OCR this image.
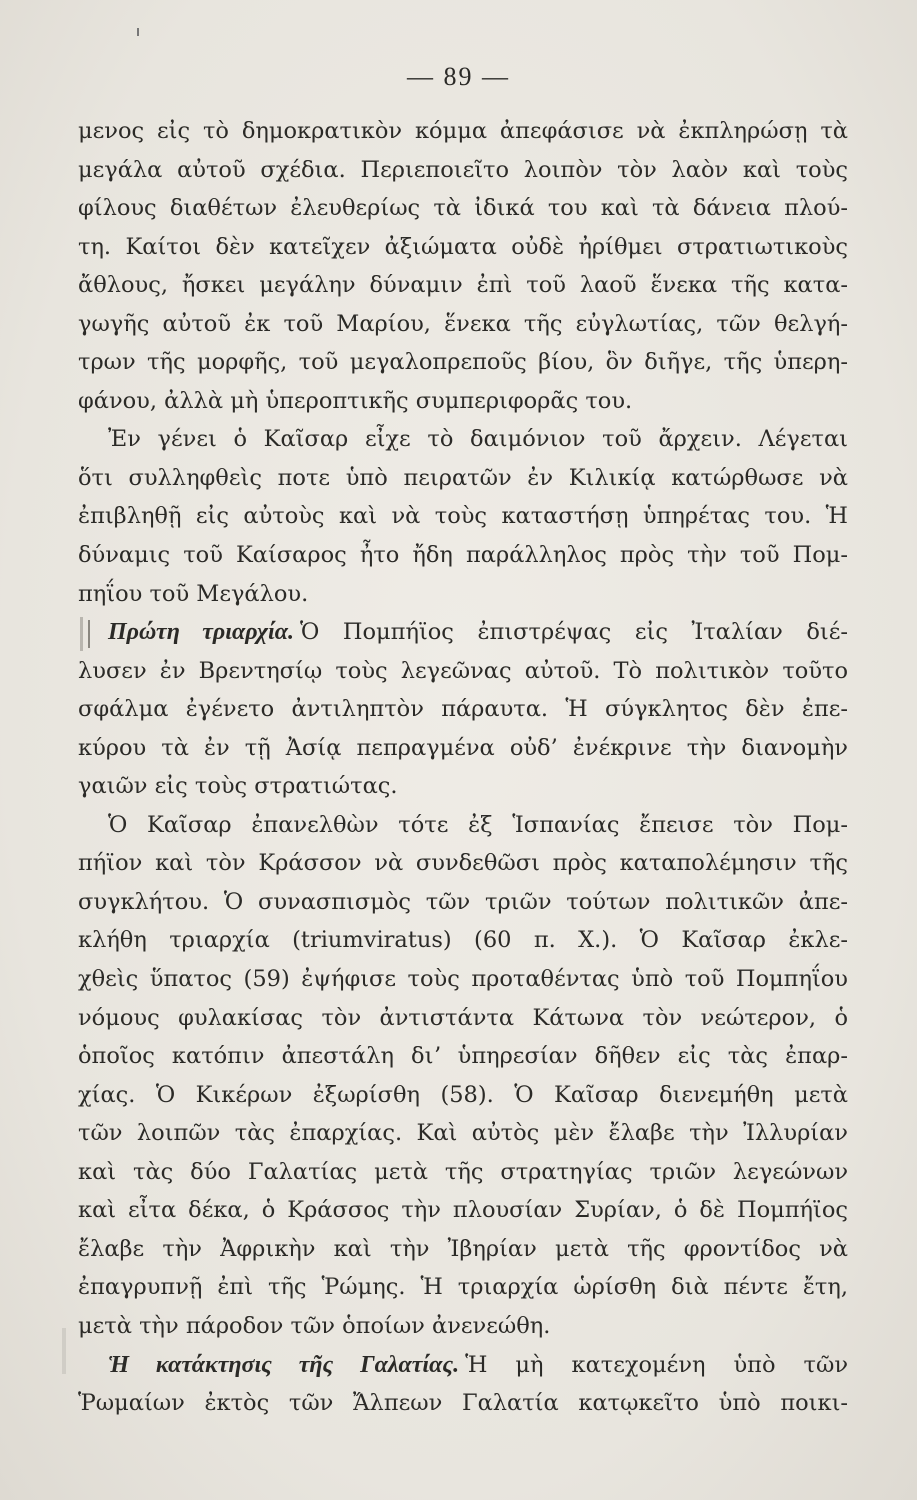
— 89 —
μενος εἰς τὸ δημοκρατικὸν κόμμα ἀπεφάσισε νὰ ἐκπληρώσῃ τὰ
μεγάλα αὐτοῦ σχέδια. Περιεποιεῖτο λοιπὸν τὸν λαὸν καὶ τοὺς
φίλους διαθέτων ἐλευθερίως τὰ ἰδικά του καὶ τὰ δάνεια πλού-
τη. Καίτοι δὲν κατεῖχεν ἀξιώματα οὐδὲ ἠρίθμει στρατιωτικοὺς
ἄθλους, ἤσκει μεγάλην δύναμιν ἐπὶ τοῦ λαοῦ ἕνεκα τῆς κατα-
γωγῆς αὐτοῦ ἐκ τοῦ Μαρίου, ἕνεκα τῆς εὐγλωτίας, τῶν θελγή-
τρων τῆς μορφῆς, τοῦ μεγαλοπρεποῦς βίου, ὃν διῆγε, τῆς ὑπερη-
φάνου, ἀλλὰ μὴ ὑπεροπτικῆς συμπεριφορᾶς του.
Ἐν γένει ὁ Καῖσαρ εἶχε τὸ δαιμόνιον τοῦ ἄρχειν. Λέγεται
ὅτι συλληφθεὶς ποτε ὑπὸ πειρατῶν ἐν Κιλικίᾳ κατώρθωσε νὰ
ἐπιβληθῇ εἰς αὐτοὺς καὶ νὰ τοὺς καταστήσῃ ὑπηρέτας του. Ἡ
δύναμις τοῦ Καίσαρος ἦτο ἤδη παράλληλος πρὸς τὴν τοῦ Πομ-
πηΐου τοῦ Μεγάλου.
Πρώτη τριαρχία. Ὁ Πομπήϊος ἐπιστρέψας εἰς Ἰταλίαν διέ-
λυσεν ἐν Βρεντησίῳ τοὺς λεγεῶνας αὐτοῦ. Τὸ πολιτικὸν τοῦτο
σφάλμα ἐγένετο ἀντιληπτὸν πάραυτα. Ἡ σύγκλητος δὲν ἐπε-
κύρου τὰ ἐν τῇ Ἀσίᾳ πεπραγμένα οὐδ’ ἐνέκρινε τὴν διανομὴν
γαιῶν εἰς τοὺς στρατιώτας.
Ὁ Καῖσαρ ἐπανελθὼν τότε ἐξ Ἱσπανίας ἔπεισε τὸν Πομ-
πήϊον καὶ τὸν Κράσσον νὰ συνδεθῶσι πρὸς καταπολέμησιν τῆς
συγκλήτου. Ὁ συνασπισμὸς τῶν τριῶν τούτων πολιτικῶν ἀπε-
κλήθη τριαρχία (triumviratus) (60 π. Χ.). Ὁ Καῖσαρ ἐκλε-
χθεὶς ὕπατος (59) ἐψήφισε τοὺς προταθέντας ὑπὸ τοῦ Πομπηΐου
νόμους φυλακίσας τὸν ἀντιστάντα Κάτωνα τὸν νεώτερον, ὁ
ὁποῖος κατόπιν ἀπεστάλη διʼ ὑπηρεσίαν δῆθεν εἰς τὰς ἐπαρ-
χίας. Ὁ Κικέρων ἐξωρίσθη (58). Ὁ Καῖσαρ διενεμήθη μετὰ
τῶν λοιπῶν τὰς ἐπαρχίας. Καὶ αὐτὸς μὲν ἔλαβε τὴν Ἰλλυρίαν
καὶ τὰς δύο Γαλατίας μετὰ τῆς στρατηγίας τριῶν λεγεώνων
καὶ εἶτα δέκα, ὁ Κράσσος τὴν πλουσίαν Συρίαν, ὁ δὲ Πομπήϊος
ἔλαβε τὴν Ἀφρικὴν καὶ τὴν Ἰβηρίαν μετὰ τῆς φροντίδος νὰ
ἐπαγρυπνῇ ἐπὶ τῆς Ῥώμης. Ἡ τριαρχία ὡρίσθη διὰ πέντε ἔτη,
μετὰ τὴν πάροδον τῶν ὁποίων ἀνενεώθη.
Ἡ κατάκτησις τῆς Γαλατίας. Ἡ μὴ κατεχομένη ὑπὸ τῶν
Ῥωμαίων ἐκτὸς τῶν Ἄλπεων Γαλατία κατῳκεῖτο ὑπὸ ποικι-
